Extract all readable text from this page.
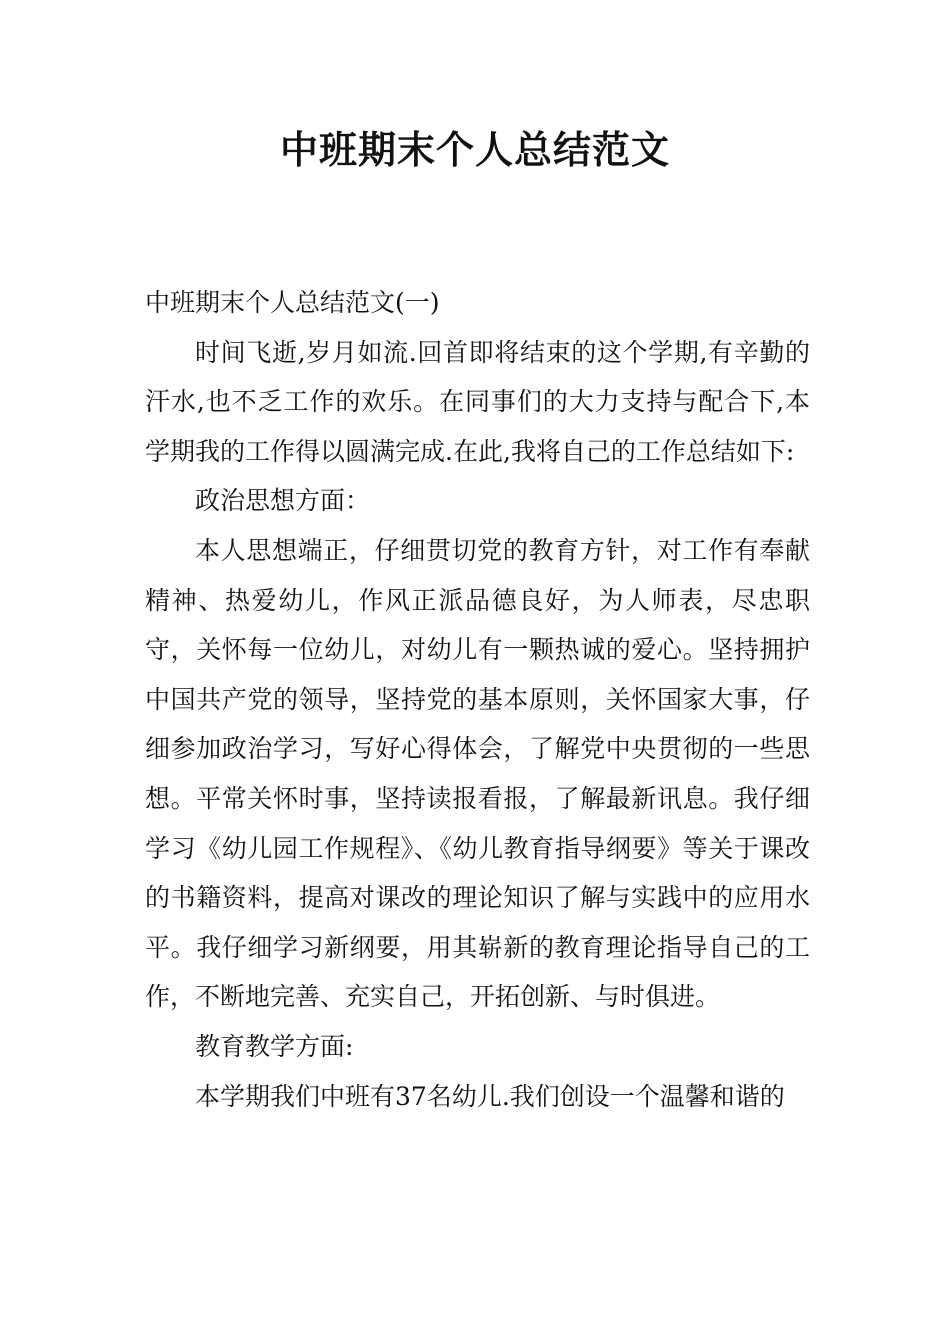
中班期末个人总结范文

中班期末个人总结范文(一)

时间飞逝,岁月如流.回首即将结束的这个学期,有辛勤的汗水,也不乏工作的欢乐。在同事们的大力支持与配合下,本学期我的工作得以圆满完成.在此,我将自己的工作总结如下:

政治思想方面：

本人思想端正，仔细贯切党的教育方针，对工作有奉献精神、热爱幼儿，作风正派品德良好，为人师表，尽忠职守，关怀每一位幼儿，对幼儿有一颗热诚的爱心。坚持拥护中国共产党的领导，坚持党的基本原则，关怀国家大事，仔细参加政治学习，写好心得体会，了解党中央贯彻的一些思想。平常关怀时事，坚持读报看报，了解最新讯息。我仔细学习《幼儿园工作规程》、《幼儿教育指导纲要》等关于课改的书籍资料，提高对课改的理论知识了解与实践中的应用水平。我仔细学习新纲要，用其崭新的教育理论指导自己的工作，不断地完善、充实自己，开拓创新、与时俱进。

教育教学方面:

本学期我们中班有37名幼儿.我们创设一个温馨和谐的
